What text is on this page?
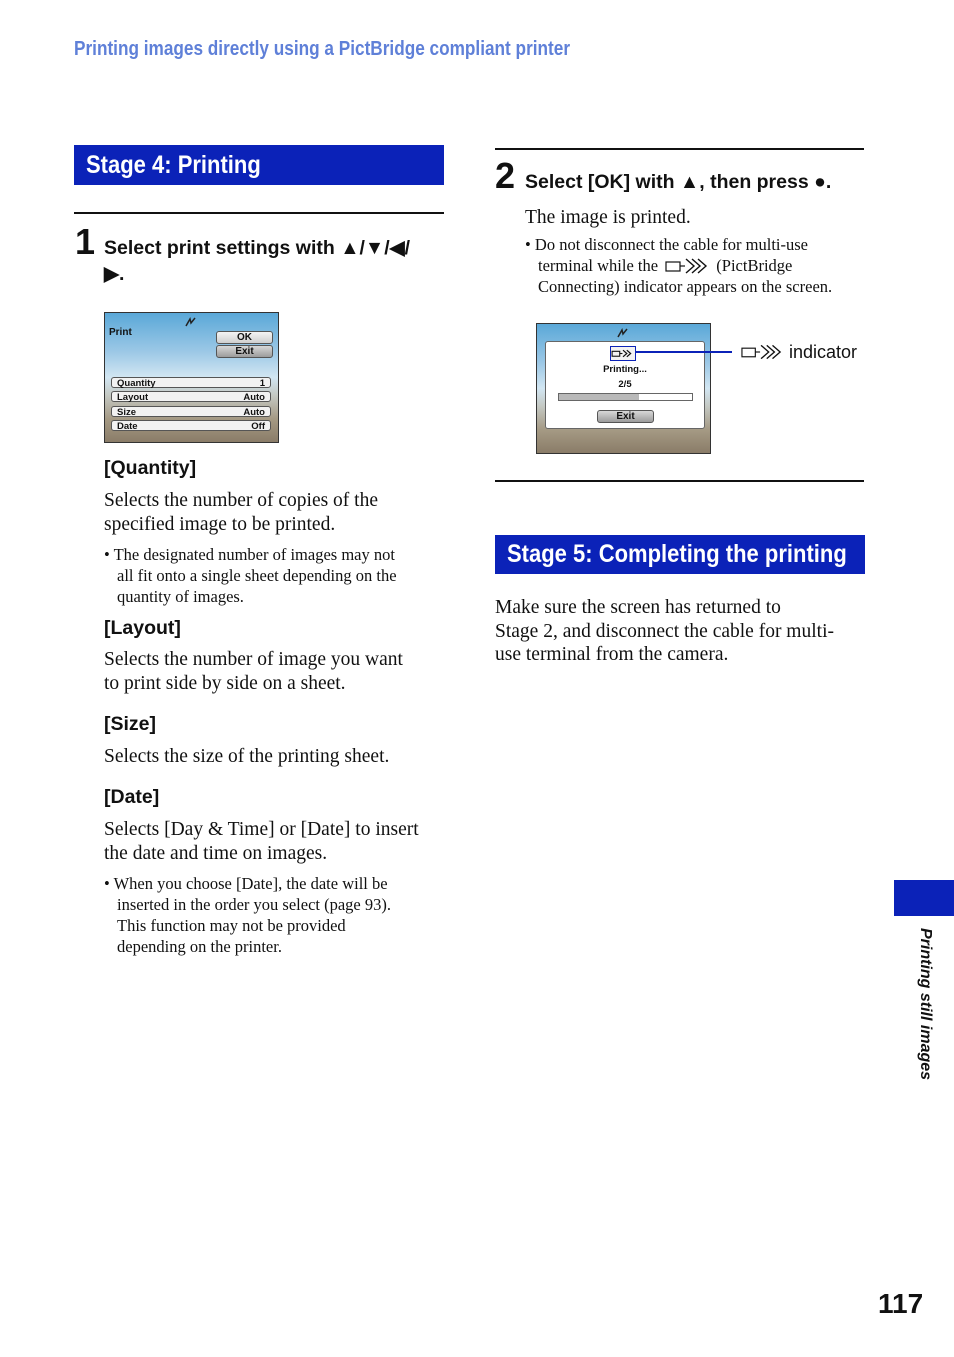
Printing images directly using a PictBridge compliant printer
Stage 4: Printing
1 Select print settings with ▲/▼/◀/
▶.
Print	OK
Exit
Quantity	1
Layout	Auto
Size	Auto
Date	Off
[Quantity]
Selects the number of copies of the
specified image to be printed.
• The designated number of images may not
all fit onto a single sheet depending on the
quantity of images.
[Layout]
Selects the number of image you want
to print side by side on a sheet.
[Size]
Selects the size of the printing sheet.
[Date]
Selects [Day & Time] or [Date] to insert
the date and time on images.
• When you choose [Date], the date will be
inserted in the order you select (page 93).
This function may not be provided
depending on the printer.
2 Select [OK] with ▲, then press ●.
The image is printed.
• Do not disconnect the cable for multi-use
terminal while the	(PictBridge
Connecting) indicator appears on the screen.
Printing...
2/5
Exit
indicator
Stage 5: Completing the printing
Make sure the screen has returned to
Stage 2, and disconnect the cable for multi-
use terminal from the camera.
Printing still images
117
